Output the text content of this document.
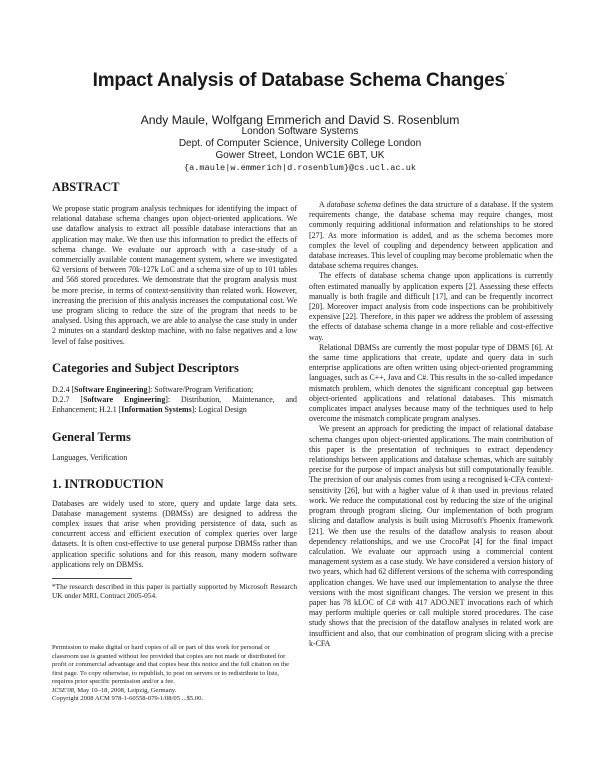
Impact Analysis of Database Schema Changes*
Andy Maule, Wolfgang Emmerich and David S. Rosenblum
London Software Systems
Dept. of Computer Science, University College London
Gower Street, London WC1E 6BT, UK
{a.maule|w.emmerich|d.rosenblum}@cs.ucl.ac.uk
ABSTRACT

We propose static program analysis techniques for identifying the impact of relational database schema changes upon object-oriented applications. We use dataflow analysis to extract all possible database interactions that an application may make. We then use this information to predict the effects of schema change. We evaluate our approach with a case-study of a commercially available content management system, where we investigated 62 versions of between 70k-127k LoC and a schema size of up to 101 tables and 568 stored procedures. We demonstrate that the program analysis must be more precise, in terms of context-sensitivity than related work. However, increasing the precision of this analysis increases the computational cost. We use program slicing to reduce the size of the program that needs to be analysed. Using this approach, we are able to analyse the case study in under 2 minutes on a standard desktop machine, with no false negatives and a low level of false positives.

Categories and Subject Descriptors

D.2.4 [Software Engineering]: Software/Program Verification;
D.2.7 [Software Engineering]: Distribution, Maintenance, and Enhancement; H.2.1 [Information Systems]: Logical Design

General Terms

Languages, Verification

1. INTRODUCTION

Databases are widely used to store, query and update large data sets. Database management systems (DBMSs) are designed to address the complex issues that arise when providing persistence of data, such as concurrent access and efficient execution of complex queries over large datasets. It is often cost-effective to use general purpose DBMSs rather than application specific solutions and for this reason, many modern software applications rely on DBMSs.

*The research described in this paper is partially supported by Microsoft Research UK under MRL Contract 2005-054.

Permission to make digital or hard copies of all or part of this work for personal or classroom use is granted without fee provided that copies are not made or distributed for profit or commercial advantage and that copies bear this notice and the full citation on the first page. To copy otherwise, to republish, to post on servers or to redistribute to lists, requires prior specific permission and/or a fee.

ICSE'08, May 10–18, 2008, Leipzig, Germany.

Copyright 2008 ACM 978-1-60558-079-1/08/05 ...$5.00.

A database schema defines the data structure of a database. If the system requirements change, the database schema may require changes, most commonly requiring additional information and relationships to be stored [27]. As more information is added, and as the schema becomes more complex the level of coupling and dependency between application and database increases. This level of coupling may become problematic when the database schema requires changes.

The effects of database schema change upon applications is currently often estimated manually by application experts [2]. Assessing these effects manually is both fragile and difficult [17], and can be frequently incorrect [20]. Moreover impact analysis from code inspections can be prohibitively expensive [22]. Therefore, in this paper we address the problem of assessing the effects of database schema change in a more reliable and cost-effective way.

Relational DBMSs are currently the most popular type of DBMS [6]. At the same time applications that create, update and query data in such enterprise applications are often written using object-oriented programming languages, such as C++, Java and C#. This results in the so-called impedance mismatch problem, which denotes the significant conceptual gap between object-oriented applications and relational databases. This mismatch complicates impact analyses because many of the techniques used to help overcome the mismatch complicate program analyses.

We present an approach for predicting the impact of relational database schema changes upon object-oriented applications. The main contribution of this paper is the presentation of techniques to extract dependency relationships between applications and database schemas, which are suitably precise for the purpose of impact analysis but still computationally feasible. The precision of our analysis comes from using a recognised k-CFA context-sensitivity [26], but with a higher value of k than used in previous related work. We reduce the computational cost by reducing the size of the original program through program slicing. Our implementation of both program slicing and dataflow analysis is built using Microsoft's Phoenix framework [21]. We then use the results of the dataflow analysis to reason about dependency relationships, and we use CrocoPat [4] for the final impact calculation. We evaluate our approach using a commercial content management system as a case study. We have considered a version history of two years, which had 62 different versions of the schema with corresponding application changes. We have used our implementation to analyse the three versions with the most significant changes. The version we present in this paper has 78 kLOC of C# with 417 ADO.NET invocations each of which may perform multiple queries or call multiple stored procedures. The case study shows that the precision of the dataflow analyses in related work are insufficient and also, that our combination of program slicing with a precise k-CFA
